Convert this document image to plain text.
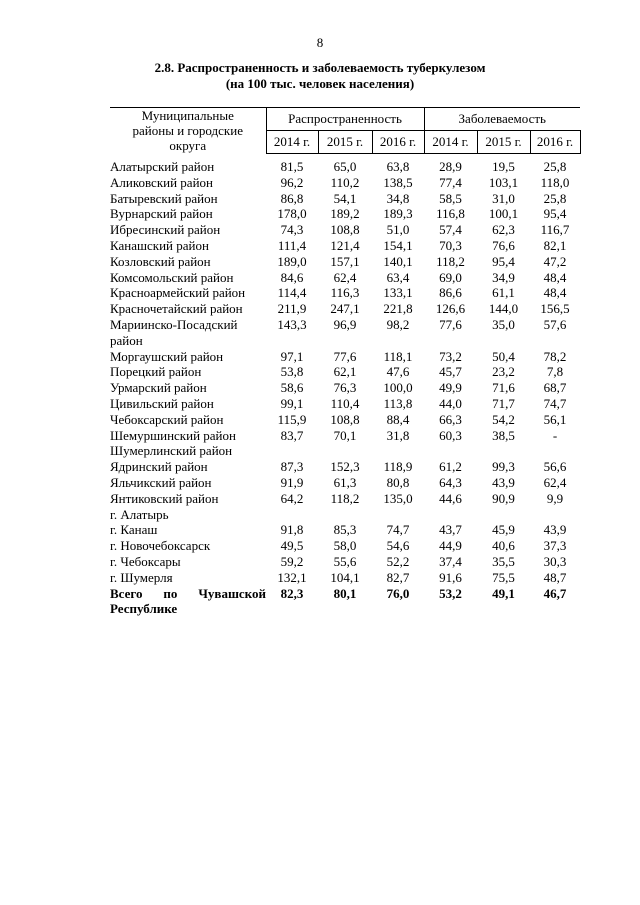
8
2.8. Распространенность и заболеваемость туберкулезом
(на 100 тыс. человек населения)
Муниципальные
районы и городские
округа	Распространенность			Заболеваемость		
	2014 г.	2015 г.	2016 г.	2014 г.	2015 г.	2016 г.

Алатырский район	81,5	65,0	63,8	28,9	19,5	25,8
Аликовский район	96,2	110,2	138,5	77,4	103,1	118,0
Батыревский район	86,8	54,1	34,8	58,5	31,0	25,8
Вурнарский район	178,0	189,2	189,3	116,8	100,1	95,4
Ибресинский район	74,3	108,8	51,0	57,4	62,3	116,7
Канашский район	111,4	121,4	154,1	70,3	76,6	82,1
Козловский район	189,0	157,1	140,1	118,2	95,4	47,2
Комсомольский район	84,6	62,4	63,4	69,0	34,9	48,4
Красноармейский район	114,4	116,3	133,1	86,6	61,1	48,4
Красночетайский район	211,9	247,1	221,8	126,6	144,0	156,5
Мариинско-Посадский	143,3	96,9	98,2	77,6	35,0	57,6
район						
Моргаушский район	97,1	77,6	118,1	73,2	50,4	78,2
Порецкий район	53,8	62,1	47,6	45,7	23,2	7,8
Урмарский район	58,6	76,3	100,0	49,9	71,6	68,7
Цивильский район	99,1	110,4	113,8	44,0	71,7	74,7
Чебоксарский район	115,9	108,8	88,4	66,3	54,2	56,1
Шемуршинский район	83,7	70,1	31,8	60,3	38,5	-
Шумерлинский район						
Ядринский район	87,3	152,3	118,9	61,2	99,3	56,6
Яльчикский район	91,9	61,3	80,8	64,3	43,9	62,4
Янтиковский район	64,2	118,2	135,0	44,6	90,9	9,9
г. Алатырь						
г. Канаш	91,8	85,3	74,7	43,7	45,9	43,9
г. Новочебоксарск	49,5	58,0	54,6	44,9	40,6	37,3
г. Чебоксары	59,2	55,6	52,2	37,4	35,5	30,3
г. Шумерля	132,1	104,1	82,7	91,6	75,5	48,7
Всего по Чувашской	82,3	80,1	76,0	53,2	49,1	46,7
Республике						
